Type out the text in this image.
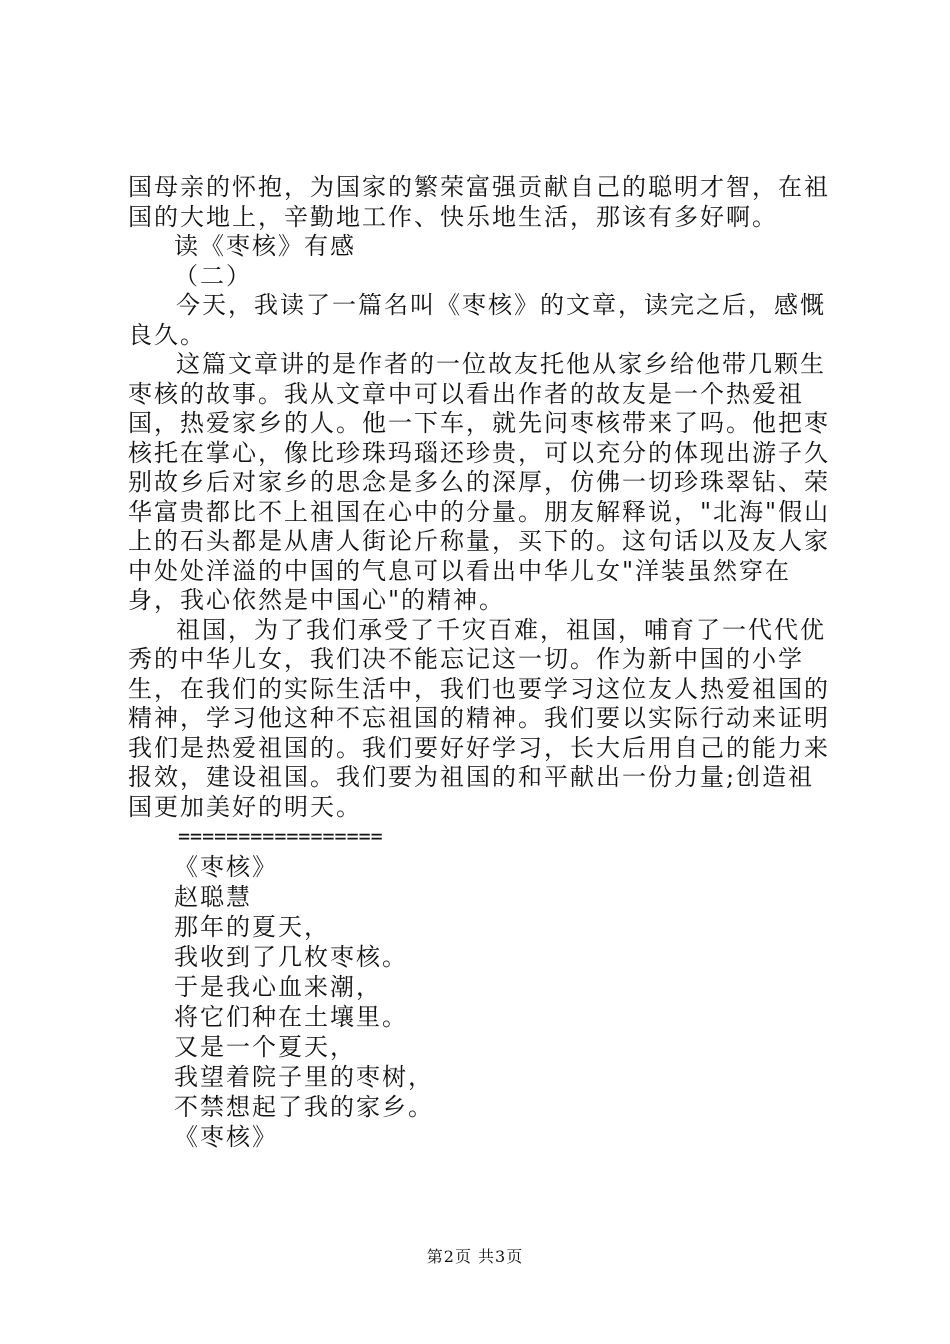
国母亲的怀抱，为国家的繁荣富强贡献自己的聪明才智，在祖国的大地上，辛勤地工作、快乐地生活，那该有多好啊。

读《枣核》有感

（二）

今天，我读了一篇名叫《枣核》的文章，读完之后，感慨良久。

这篇文章讲的是作者的一位故友托他从家乡给他带几颗生枣核的故事。我从文章中可以看出作者的故友是一个热爱祖国，热爱家乡的人。他一下车，就先问枣核带来了吗。他把枣核托在掌心，像比珍珠玛瑙还珍贵，可以充分的体现出游子久别故乡后对家乡的思念是多么的深厚，仿佛一切珍珠翠钻、荣华富贵都比不上祖国在心中的分量。朋友解释说，"北海"假山上的石头都是从唐人街论斤称量，买下的。这句话以及友人家中处处洋溢的中国的气息可以看出中华儿女"洋装虽然穿在身，我心依然是中国心"的精神。

祖国，为了我们承受了千灾百难，祖国，哺育了一代代优秀的中华儿女，我们决不能忘记这一切。作为新中国的小学生，在我们的实际生活中，我们也要学习这位友人热爱祖国的精神，学习他这种不忘祖国的精神。我们要以实际行动来证明我们是热爱祖国的。我们要好好学习，长大后用自己的能力来报效，建设祖国。我们要为祖国的和平献出一份力量;创造祖国更加美好的明天。

=================

《枣核》

赵聪慧

那年的夏天，

我收到了几枚枣核。

于是我心血来潮，

将它们种在土壤里。

又是一个夏天，

我望着院子里的枣树，

不禁想起了我的家乡。

《枣核》

第2页 共3页
